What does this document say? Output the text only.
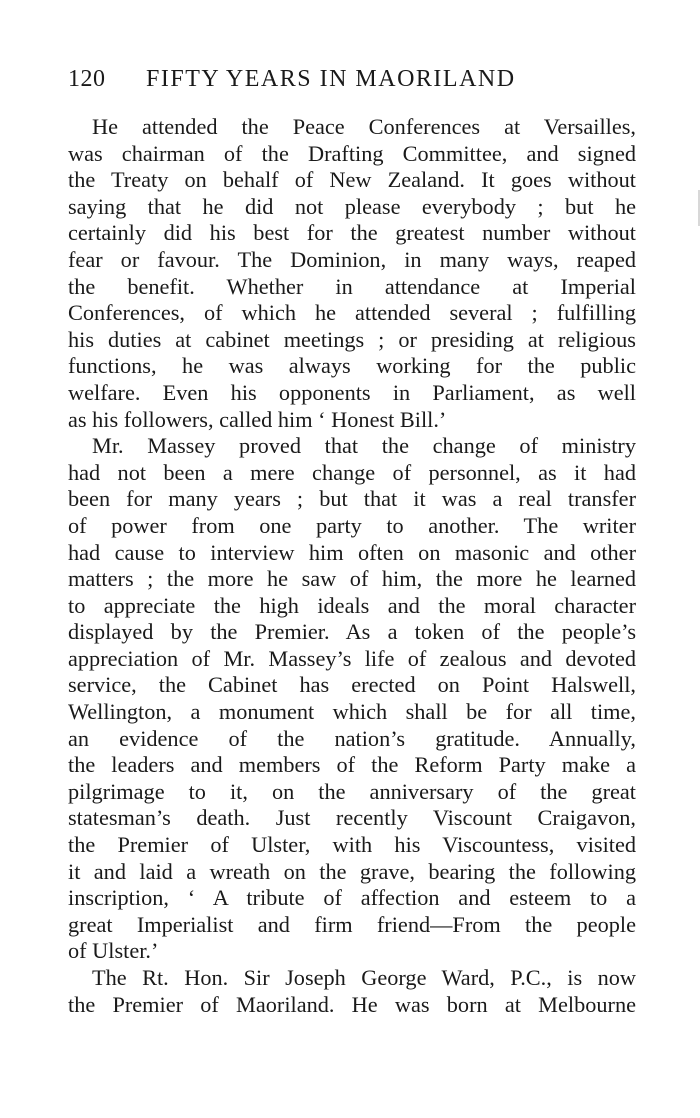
120 FIFTY YEARS IN MAORILAND
He attended the Peace Conferences at Versailles,
was chairman of the Drafting Committee, and signed
the Treaty on behalf of New Zealand. It goes without
saying that he did not please everybody ; but he
certainly did his best for the greatest number without
fear or favour. The Dominion, in many ways, reaped
the benefit. Whether in attendance at Imperial
Conferences, of which he attended several ; fulfilling
his duties at cabinet meetings ; or presiding at religious
functions, he was always working for the public
welfare. Even his opponents in Parliament, as well
as his followers, called him ‘ Honest Bill.’
Mr. Massey proved that the change of ministry
had not been a mere change of personnel, as it had
been for many years ; but that it was a real transfer
of power from one party to another. The writer
had cause to interview him often on masonic and other
matters ; the more he saw of him, the more he learned
to appreciate the high ideals and the moral character
displayed by the Premier. As a token of the people’s
appreciation of Mr. Massey’s life of zealous and devoted
service, the Cabinet has erected on Point Halswell,
Wellington, a monument which shall be for all time,
an evidence of the nation’s gratitude. Annually,
the leaders and members of the Reform Party make a
pilgrimage to it, on the anniversary of the great
statesman’s death. Just recently Viscount Craigavon,
the Premier of Ulster, with his Viscountess, visited
it and laid a wreath on the grave, bearing the following
inscription, ‘ A tribute of affection and esteem to a
great Imperialist and firm friend—From the people
of Ulster.’
The Rt. Hon. Sir Joseph George Ward, P.C., is now
the Premier of Maoriland. He was born at Melbourne
